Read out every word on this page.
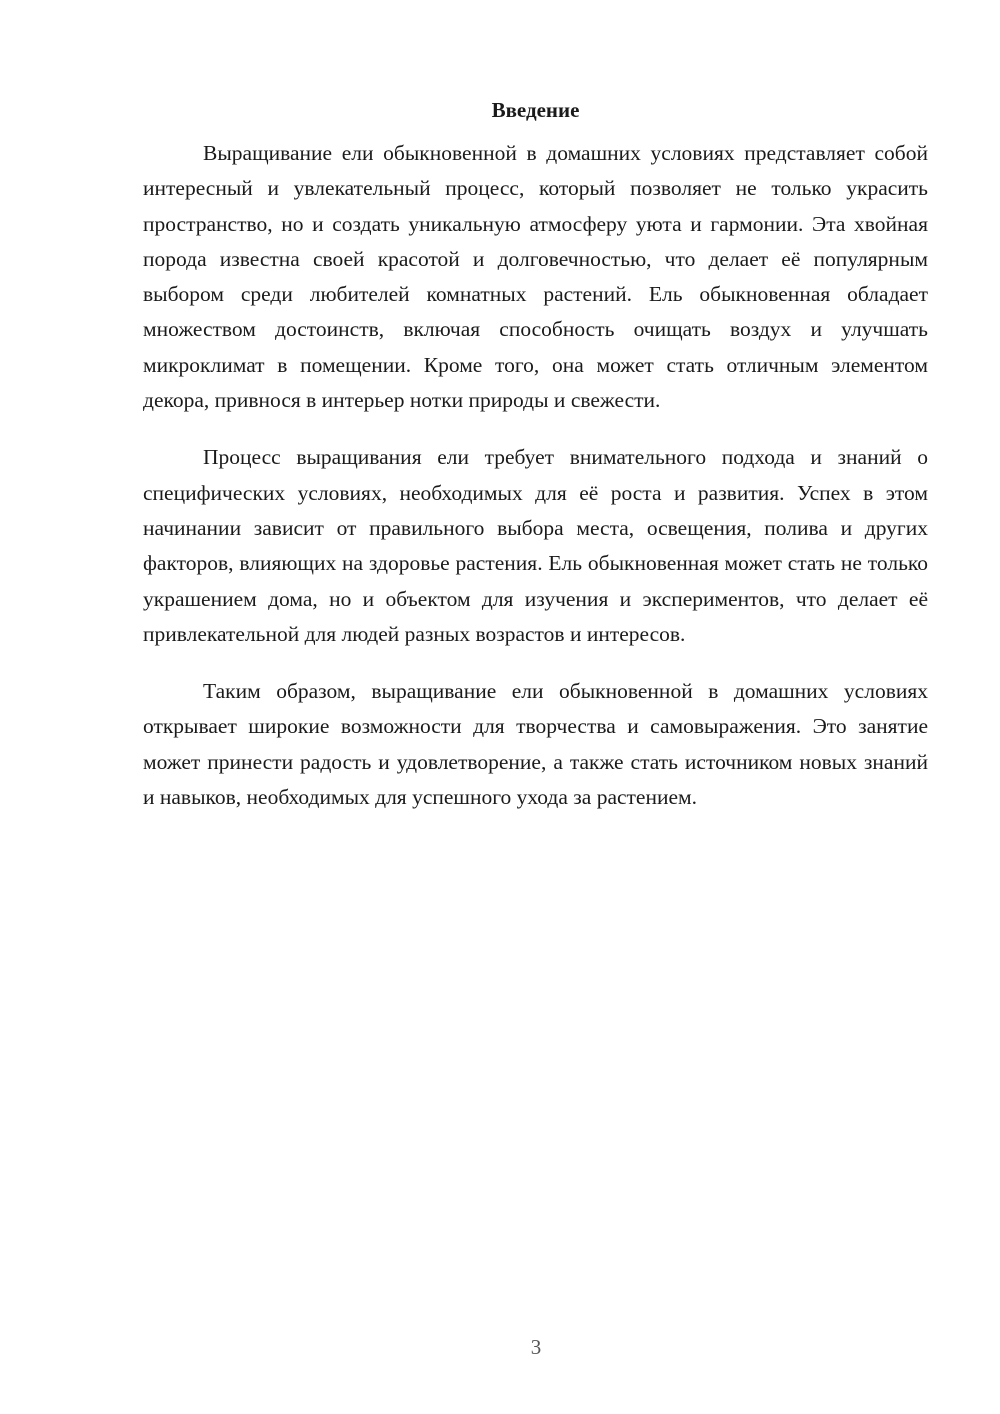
Введение

Выращивание ели обыкновенной в домашних условиях представляет собой интересный и увлекательный процесс, который позволяет не только украсить пространство, но и создать уникальную атмосферу уюта и гармонии. Эта хвойная порода известна своей красотой и долговечностью, что делает её популярным выбором среди любителей комнатных растений. Ель обыкновенная обладает множеством достоинств, включая способность очищать воздух и улучшать микроклимат в помещении. Кроме того, она может стать отличным элементом декора, привнося в интерьер нотки природы и свежести.

Процесс выращивания ели требует внимательного подхода и знаний о специфических условиях, необходимых для её роста и развития. Успех в этом начинании зависит от правильного выбора места, освещения, полива и других факторов, влияющих на здоровье растения. Ель обыкновенная может стать не только украшением дома, но и объектом для изучения и экспериментов, что делает её привлекательной для людей разных возрастов и интересов.

Таким образом, выращивание ели обыкновенной в домашних условиях открывает широкие возможности для творчества и самовыражения. Это занятие может принести радость и удовлетворение, а также стать источником новых знаний и навыков, необходимых для успешного ухода за растением.

3
